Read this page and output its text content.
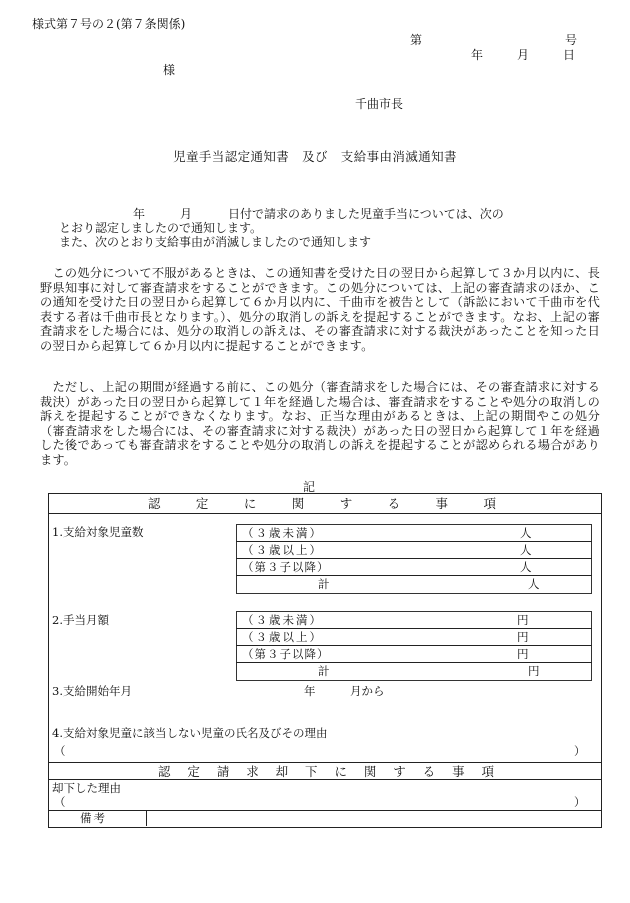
様式第７号の２(第７条関係)
第	号
年	月	日
様
千曲市長
児童手当認定通知書　及び　支給事由消滅通知書
年	月	日付で請求のありました児童手当については、次の
とおり認定しましたので通知します。
また、次のとおり支給事由が消滅しましたので通知します
　この処分について不服があるときは、この通知書を受けた日の翌日から起算して３か月以内に、長野県知事に対して審査請求をすることができます。この処分については、上記の審査請求のほか、この通知を受けた日の翌日から起算して６か月以内に、千曲市を被告として（訴訟において千曲市を代表する者は千曲市長となります。）、処分の取消しの訴えを提起することができます。なお、上記の審査請求をした場合には、処分の取消しの訴えは、その審査請求に対する裁決があったことを知った日の翌日から起算して６か月以内に提起することができます。
　ただし、上記の期間が経過する前に、この処分（審査請求をした場合には、その審査請求に対する裁決）があった日の翌日から起算して１年を経過した場合は、審査請求をすることや処分の取消しの訴えを提起することができなくなります。なお、正当な理由があるときは、上記の期間やこの処分（審査請求をした場合には、その審査請求に対する裁決）があった日の翌日から起算して１年を経過した後であっても審査請求をすることや処分の取消しの訴えを提起することが認められる場合があります。
記
認	定	に	関	す	る	事	項
1.支給対象児童数	（３歳未満）	人
（３歳以上）	人
（第３子以降）	人
計	人
2.手当月額	（３歳未満）	円
（３歳以上）	円
（第３子以降）	円
計	円
3.支給開始年月	年	月から
4.支給対象児童に該当しない児童の氏名及びその理由
（	）
認 定 請 求 却 下 に 関 す る 事 項
却下した理由
（	）
備考
